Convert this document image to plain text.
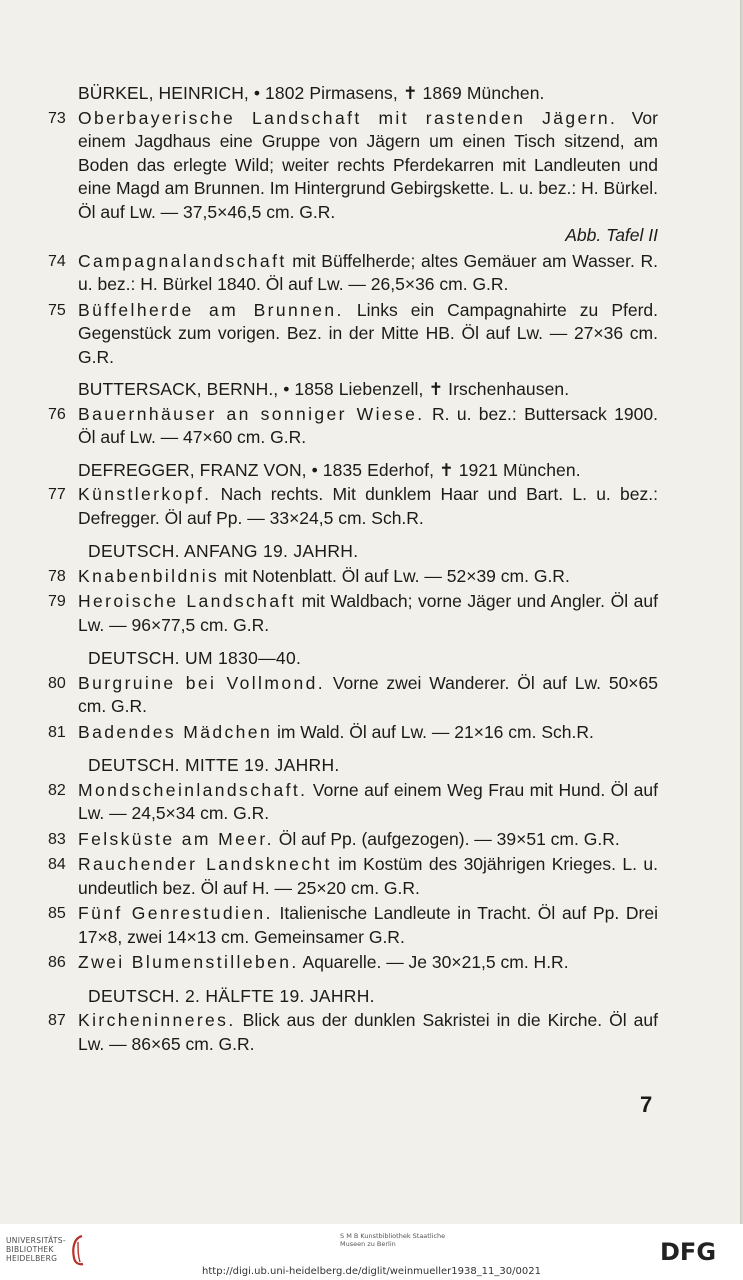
BÜRKEL, HEINRICH, • 1802 Pirmasens, ✝ 1869 München.
73 Oberbayerische Landschaft mit rastenden Jägern. Vor einem Jagdhaus eine Gruppe von Jägern um einen Tisch sitzend, am Boden das erlegte Wild; weiter rechts Pferdekarren mit Landleuten und eine Magd am Brunnen. Im Hintergrund Gebirgskette. L. u. bez.: H. Bürkel. Öl auf Lw. — 37,5×46,5 cm. G.R.
Abb. Tafel II
74 Campagnalandschaft mit Büffelherde; altes Gemäuer am Wasser. R. u. bez.: H. Bürkel 1840. Öl auf Lw. — 26,5×36 cm. G.R.
75 Büffelherde am Brunnen. Links ein Campagnahirte zu Pferd. Gegenstück zum vorigen. Bez. in der Mitte HB. Öl auf Lw. — 27×36 cm. G.R.
BUTTERSACK, BERNH., • 1858 Liebenzell, ✝ Irschenhausen.
76 Bauernhäuser an sonniger Wiese. R. u. bez.: Buttersack 1900. Öl auf Lw. — 47×60 cm. G.R.
DEFREGGER, FRANZ VON, • 1835 Ederhof, ✝ 1921 München.
77 Künstlerkopf. Nach rechts. Mit dunklem Haar und Bart. L. u. bez.: Defregger. Öl auf Pp. — 33×24,5 cm. Sch.R.
DEUTSCH. ANFANG 19. JAHRH.
78 Knabenbildnis mit Notenblatt. Öl auf Lw. — 52×39 cm. G.R.
79 Heroische Landschaft mit Waldbach; vorne Jäger und Angler. Öl auf Lw. — 96×77,5 cm. G.R.
DEUTSCH. UM 1830—40.
80 Burgruine bei Vollmond. Vorne zwei Wanderer. Öl auf Lw. 50×65 cm. G.R.
81 Badendes Mädchen im Wald. Öl auf Lw. — 21×16 cm. Sch.R.
DEUTSCH. MITTE 19. JAHRH.
82 Mondscheinlandschaft. Vorne auf einem Weg Frau mit Hund. Öl auf Lw. — 24,5×34 cm. G.R.
83 Felsküste am Meer. Öl auf Pp. (aufgezogen). — 39×51 cm. G.R.
84 Rauchender Landsknecht im Kostüm des 30jährigen Krieges. L. u. undeutlich bez. Öl auf H. — 25×20 cm. G.R.
85 Fünf Genrestudien. Italienische Landleute in Tracht. Öl auf Pp. Drei 17×8, zwei 14×13 cm. Gemeinsamer G.R.
86 Zwei Blumenstilleben. Aquarelle. — Je 30×21,5 cm. H.R.
DEUTSCH. 2. HÄLFTE 19. JAHRH.
87 Kircheninneres. Blick aus der dunklen Sakristei in die Kirche. Öl auf Lw. — 86×65 cm. G.R.
7
UNIVERSITÄTS- BIBLIOTHEK HEIDELBERG
S M B Kunstbibliothek Staatliche Museen zu Berlin	DFG
http://digi.ub.uni-heidelberg.de/diglit/weinmueller1938_11_30/0021
